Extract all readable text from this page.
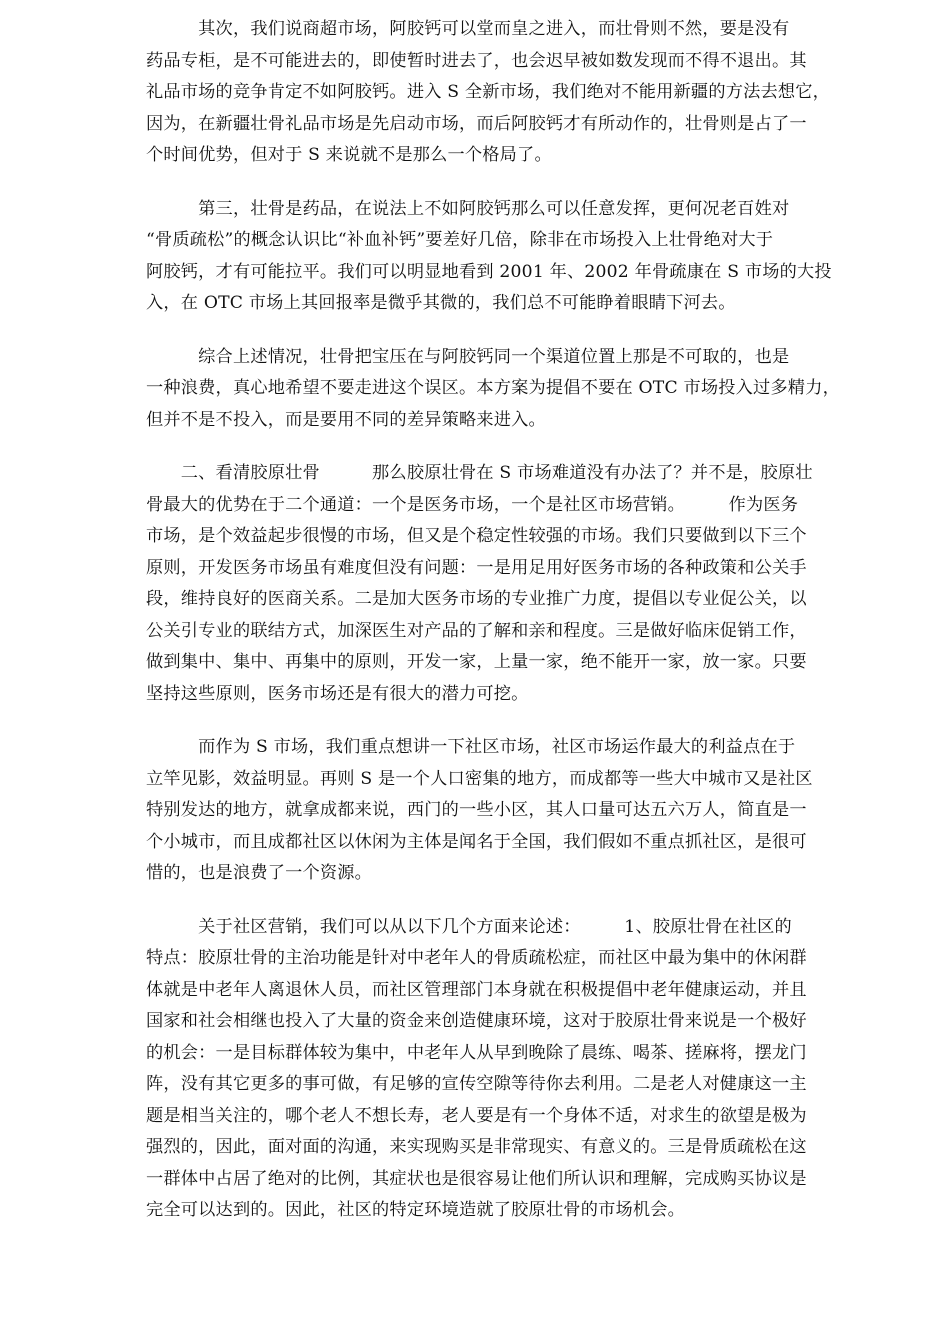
　　　其次，我们说商超市场，阿胶钙可以堂而皇之进入，而壮骨则不然，要是没有
药品专柜，是不可能进去的，即使暂时进去了，也会迟早被如数发现而不得不退出。其
礼品市场的竞争肯定不如阿胶钙。进入 S 全新市场，我们绝对不能用新疆的方法去想它，
因为，在新疆壮骨礼品市场是先启动市场，而后阿胶钙才有所动作的，壮骨则是占了一
个时间优势，但对于 S 来说就不是那么一个格局了。

　　　第三，壮骨是药品，在说法上不如阿胶钙那么可以任意发挥，更何况老百姓对
“骨质疏松”的概念认识比“补血补钙”要差好几倍，除非在市场投入上壮骨绝对大于
阿胶钙，才有可能拉平。我们可以明显地看到 2001 年、2002 年骨疏康在 S 市场的大投
入，在 OTC 市场上其回报率是微乎其微的，我们总不可能睁着眼睛下河去。

　　　综合上述情况，壮骨把宝压在与阿胶钙同一个渠道位置上那是不可取的，也是
一种浪费，真心地希望不要走进这个误区。本方案为提倡不要在 OTC 市场投入过多精力，
但并不是不投入，而是要用不同的差异策略来进入。

　　二、看清胶原壮骨　　　那么胶原壮骨在 S 市场难道没有办法了？并不是，胶原壮
骨最大的优势在于二个通道：一个是医务市场，一个是社区市场营销。　　　作为医务
市场，是个效益起步很慢的市场，但又是个稳定性较强的市场。我们只要做到以下三个
原则，开发医务市场虽有难度但没有问题：一是用足用好医务市场的各种政策和公关手
段，维持良好的医商关系。二是加大医务市场的专业推广力度，提倡以专业促公关，以
公关引专业的联结方式，加深医生对产品的了解和亲和程度。三是做好临床促销工作，
做到集中、集中、再集中的原则，开发一家，上量一家，绝不能开一家，放一家。只要
坚持这些原则，医务市场还是有很大的潜力可挖。

　　　而作为 S 市场，我们重点想讲一下社区市场，社区市场运作最大的利益点在于
立竿见影，效益明显。再则 S 是一个人口密集的地方，而成都等一些大中城市又是社区
特别发达的地方，就拿成都来说，西门的一些小区，其人口量可达五六万人，简直是一
个小城市，而且成都社区以休闲为主体是闻名于全国，我们假如不重点抓社区，是很可
惜的，也是浪费了一个资源。

　　　关于社区营销，我们可以从以下几个方面来论述：　　　1、胶原壮骨在社区的
特点：胶原壮骨的主治功能是针对中老年人的骨质疏松症，而社区中最为集中的休闲群
体就是中老年人离退休人员，而社区管理部门本身就在积极提倡中老年健康运动，并且
国家和社会相继也投入了大量的资金来创造健康环境，这对于胶原壮骨来说是一个极好
的机会：一是目标群体较为集中，中老年人从早到晚除了晨练、喝茶、搓麻将，摆龙门
阵，没有其它更多的事可做，有足够的宣传空隙等待你去利用。二是老人对健康这一主
题是相当关注的，哪个老人不想长寿，老人要是有一个身体不适，对求生的欲望是极为
强烈的，因此，面对面的沟通，来实现购买是非常现实、有意义的。三是骨质疏松在这
一群体中占居了绝对的比例，其症状也是很容易让他们所认识和理解，完成购买协议是
完全可以达到的。因此，社区的特定环境造就了胶原壮骨的市场机会。
